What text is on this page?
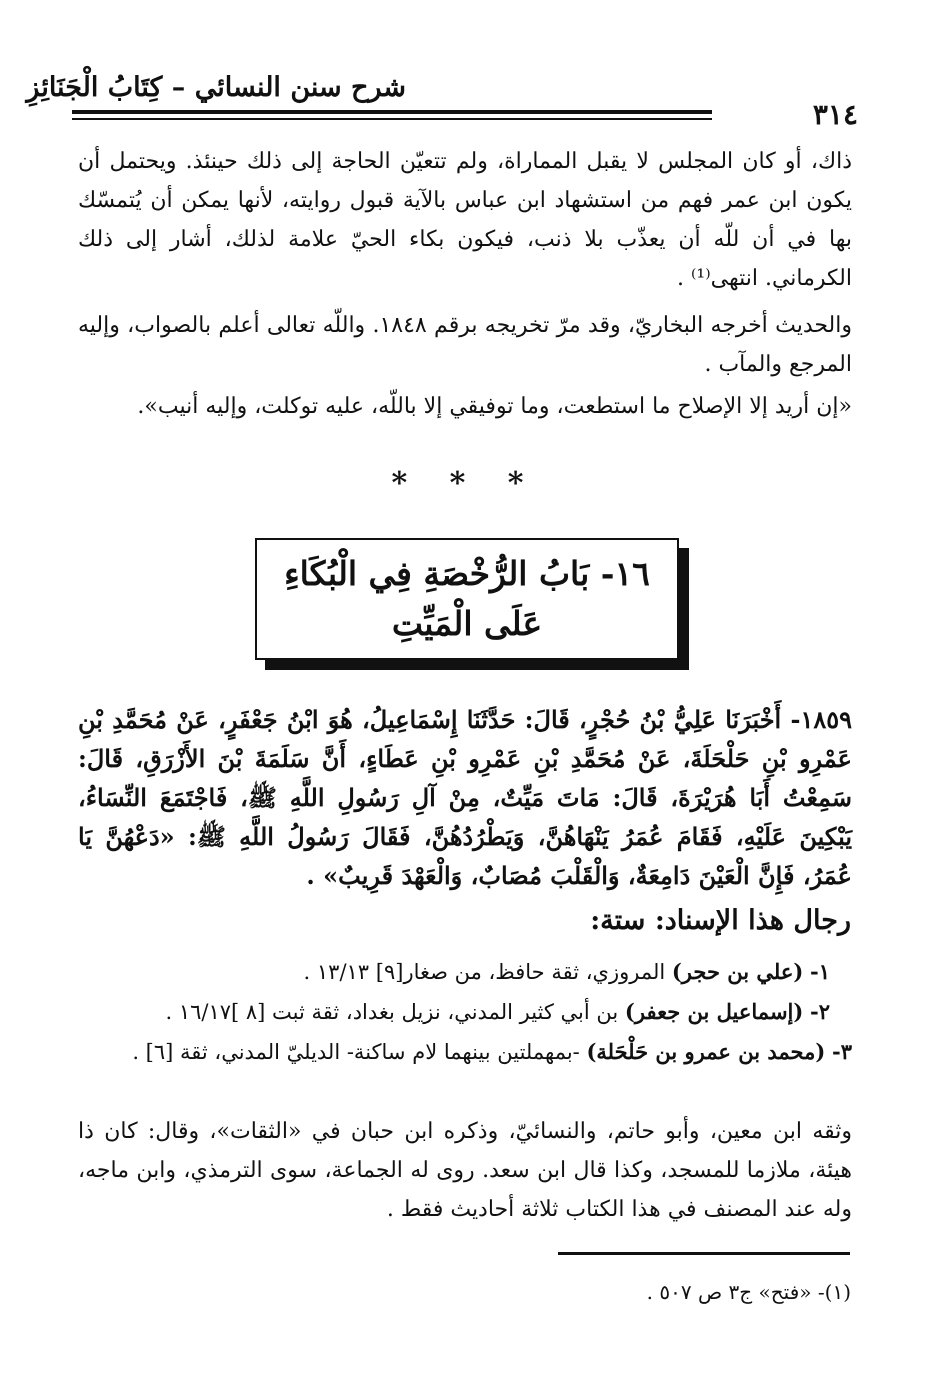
شرح سنن النسائي – كِتَابُ الْجَنَائِزِ
٣١٤
ذاك، أو كان المجلس لا يقبل المماراة، ولم تتعيّن الحاجة إلى ذلك حينئذ. ويحتمل أن يكون ابن عمر فهم من استشهاد ابن عباس بالآية قبول روايته، لأنها يمكن أن يُتمسّك بها في أن للّه أن يعذّب بلا ذنب، فيكون بكاء الحيّ علامة لذلك، أشار إلى ذلك الكرماني. انتهى⁽¹⁾ .
والحديث أخرجه البخاريّ، وقد مرّ تخريجه برقم ١٨٤٨. واللّه تعالى أعلم بالصواب، وإليه المرجع والمآب .
«إن أريد إلا الإصلاح ما استطعت، وما توفيقي إلا باللّه، عليه توكلت، وإليه أنيب».
* * *
١٦- بَابُ الرُّخْصَةِ فِي الْبُكَاءِ عَلَى الْمَيِّتِ
١٨٥٩- أَخْبَرَنَا عَلِيُّ بْنُ حُجْرٍ، قَالَ: حَدَّثَنَا إِسْمَاعِيلُ، هُوَ ابْنُ جَعْفَرٍ، عَنْ مُحَمَّدِ بْنِ عَمْرِو بْنِ حَلْحَلَةَ، عَنْ مُحَمَّدِ بْنِ عَمْرِو بْنِ عَطَاءٍ، أَنَّ سَلَمَةَ بْنَ الأَزْرَقِ، قَالَ: سَمِعْتُ أَبَا هُرَيْرَةَ، قَالَ: مَاتَ مَيِّتٌ، مِنْ آلِ رَسُولِ اللَّهِ ﷺ، فَاجْتَمَعَ النِّسَاءُ، يَبْكِينَ عَلَيْهِ، فَقَامَ عُمَرُ يَنْهَاهُنَّ، وَيَطْرُدُهُنَّ، فَقَالَ رَسُولُ اللَّهِ ﷺ: «دَعْهُنَّ يَا عُمَرُ، فَإِنَّ الْعَيْنَ دَامِعَةٌ، وَالْقَلْبَ مُصَابٌ، وَالْعَهْدَ قَرِيبٌ» .
رجال هذا الإسناد: ستة:
١- (علي بن حجر) المروزي، ثقة حافظ، من صغار[٩] ١٣/١٣ .
٢- (إسماعيل بن جعفر) بن أبي كثير المدني، نزيل بغداد، ثقة ثبت [٨ ]١٦/١٧ .
٣- (محمد بن عمرو بن حَلْحَلة) -بمهملتين بينهما لام ساكنة- الديليّ المدني، ثقة [٦] .
وثقه ابن معين، وأبو حاتم، والنسائيّ، وذكره ابن حبان في «الثقات»، وقال: كان ذا هيئة، ملازما للمسجد، وكذا قال ابن سعد. روى له الجماعة، سوى الترمذي، وابن ماجه، وله عند المصنف في هذا الكتاب ثلاثة أحاديث فقط .
(١)- «فتح» ج٣ ص ٥٠٧ .
